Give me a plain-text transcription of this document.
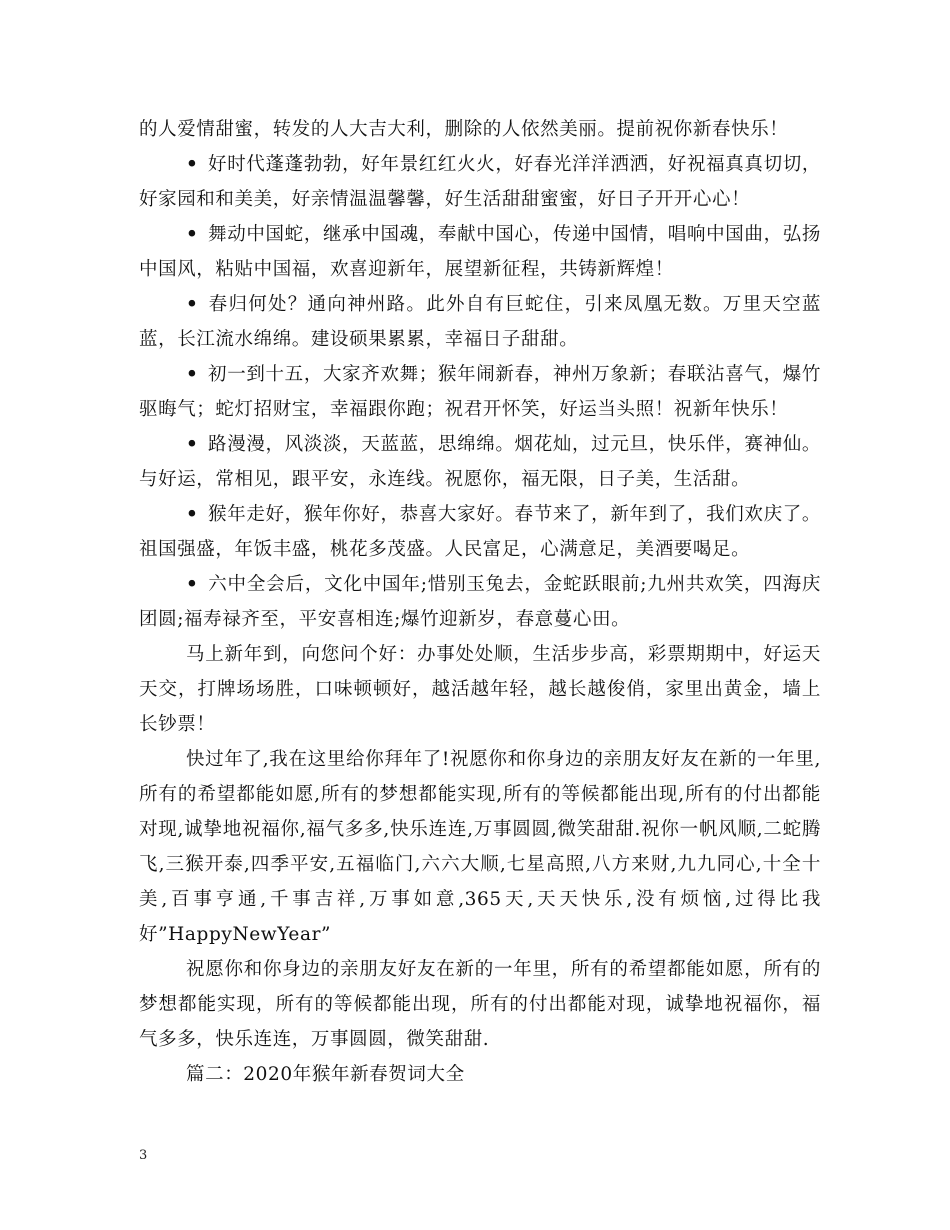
的人爱情甜蜜，转发的人大吉大利，删除的人依然美丽。提前祝你新春快乐！

• 好时代蓬蓬勃勃，好年景红红火火，好春光洋洋洒洒，好祝福真真切切，好家园和和美美，好亲情温温馨馨，好生活甜甜蜜蜜，好日子开开心心！

• 舞动中国蛇，继承中国魂，奉献中国心，传递中国情，唱响中国曲，弘扬中国风，粘贴中国福，欢喜迎新年，展望新征程，共铸新辉煌！

• 春归何处？通向神州路。此外自有巨蛇住，引来凤凰无数。万里天空蓝蓝，长江流水绵绵。建设硕果累累，幸福日子甜甜。

• 初一到十五，大家齐欢舞；猴年闹新春，神州万象新；春联沾喜气，爆竹驱晦气；蛇灯招财宝，幸福跟你跑；祝君开怀笑，好运当头照！祝新年快乐！

• 路漫漫，风淡淡，天蓝蓝，思绵绵。烟花灿，过元旦，快乐伴，赛神仙。与好运，常相见，跟平安，永连线。祝愿你，福无限，日子美，生活甜。

• 猴年走好，猴年你好，恭喜大家好。春节来了，新年到了，我们欢庆了。祖国强盛，年饭丰盛，桃花多茂盛。人民富足，心满意足，美酒要喝足。

• 六中全会后，文化中国年;惜别玉兔去，金蛇跃眼前;九州共欢笑，四海庆团圆;福寿禄齐至，平安喜相连;爆竹迎新岁，春意蔓心田。

马上新年到，向您问个好：办事处处顺，生活步步高，彩票期期中，好运天天交，打牌场场胜，口味顿顿好，越活越年轻，越长越俊俏，家里出黄金，墙上长钞票！

快过年了,我在这里给你拜年了!祝愿你和你身边的亲朋友好友在新的一年里,所有的希望都能如愿,所有的梦想都能实现,所有的等候都能出现,所有的付出都能对现,诚挚地祝福你,福气多多,快乐连连,万事圆圆,微笑甜甜.祝你一帆风顺,二蛇腾飞,三猴开泰,四季平安,五福临门,六六大顺,七星高照,八方来财,九九同心,十全十美,百事亨通,千事吉祥,万事如意,365天,天天快乐,没有烦恼,过得比我好”HappyNewYear”

祝愿你和你身边的亲朋友好友在新的一年里，所有的希望都能如愿，所有的梦想都能实现，所有的等候都能出现，所有的付出都能对现，诚挚地祝福你，福气多多，快乐连连，万事圆圆，微笑甜甜.

篇二：2020年猴年新春贺词大全

3
